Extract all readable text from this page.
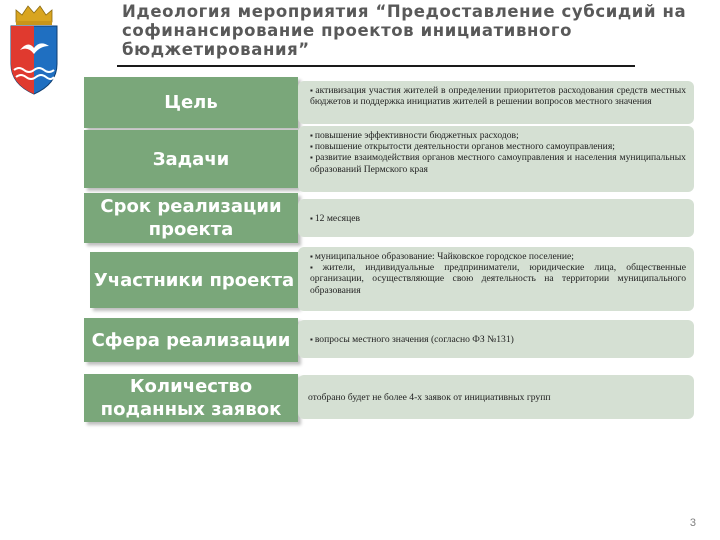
Идеология мероприятия “Предоставление субсидий на софинансирование проектов инициативного бюджетирования”
Цель
▪ активизация участия жителей в определении приоритетов расходования средств местных бюджетов и поддержка инициатив жителей в решении вопросов местного значения
Задачи
▪ повышение эффективности бюджетных расходов;
▪ повышение открытости деятельности органов местного самоуправления;
▪ развитие взаимодействия органов местного самоуправления и населения муниципальных образований Пермского края
Срок реализации проекта
▪ 12 месяцев
Участники проекта
▪ муниципальное образование: Чайковское городское поселение;
▪ жители, индивидуальные предприниматели, юридические лица, общественные организации, осуществляющие свою деятельность на территории муниципального образования
Сфера реализации
▪	вопросы местного значения (согласно ФЗ №131)
Количество поданных заявок
отобрано будет не более 4-х заявок от инициативных групп
3
